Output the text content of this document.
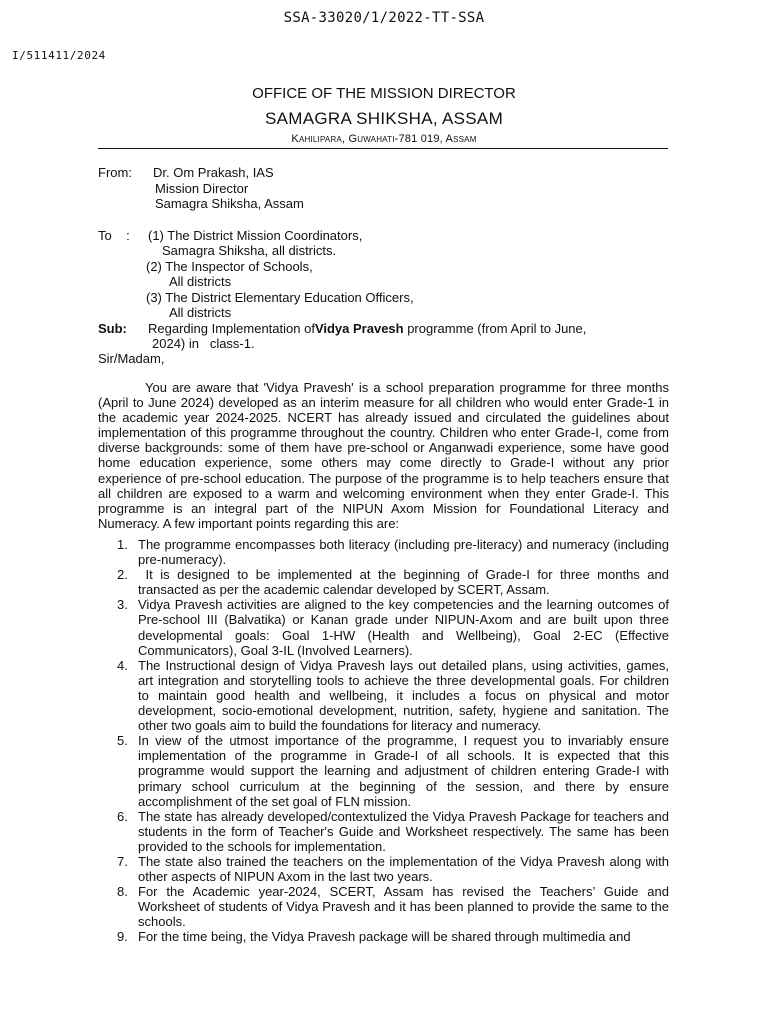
SSA-33020/1/2022-TT-SSA
I/511411/2024
OFFICE OF THE MISSION DIRECTOR
SAMAGRA SHIKSHA, ASSAM
Kahilipara, Guwahati-781 019, Assam
From: Dr. Om Prakash, IAS
Mission Director
Samagra Shiksha, Assam
To    : (1) The District Mission Coordinators,
Samagra Shiksha, all districts.
(2) The Inspector of Schools,
All districts
(3) The District Elementary Education Officers,
All districts
Sub: Regarding Implementation ofVidya Pravesh programme (from April to June,
2024) in   class-1.
Sir/Madam,

You are aware that 'Vidya Pravesh' is a school preparation programme for three months (April to June 2024) developed as an interim measure for all children who would enter Grade-1 in the academic year 2024-2025. NCERT has already issued and circulated the guidelines about implementation of this programme throughout the country. Children who enter Grade-I, come from diverse backgrounds: some of them have pre-school or Anganwadi experience, some have good home education experience, some others may come directly to Grade-I without any prior experience of pre-school education. The purpose of the programme is to help teachers ensure that all children are exposed to a warm and welcoming environment when they enter Grade-I. This programme is an integral part of the NIPUN Axom Mission for Foundational Literacy and Numeracy. A few important points regarding this are:

1. The programme encompasses both literacy (including pre-literacy) and numeracy (including pre-numeracy).
2. It is designed to be implemented at the beginning of Grade-I for three months and transacted as per the academic calendar developed by SCERT, Assam.
3. Vidya Pravesh activities are aligned to the key competencies and the learning outcomes of Pre-school III (Balvatika) or Kanan grade under NIPUN-Axom and are built upon three developmental goals: Goal 1-HW (Health and Wellbeing), Goal 2-EC (Effective Communicators), Goal 3-IL (Involved Learners).
4. The Instructional design of Vidya Pravesh lays out detailed plans, using activities, games, art integration and storytelling tools to achieve the three developmental goals. For children to maintain good health and wellbeing, it includes a focus on physical and motor development, socio-emotional development, nutrition, safety, hygiene and sanitation. The other two goals aim to build the foundations for literacy and numeracy.
5. In view of the utmost importance of the programme, I request you to invariably ensure implementation of the programme in Grade-I of all schools. It is expected that this programme would support the learning and adjustment of children entering Grade-I with primary school curriculum at the beginning of the session, and there by ensure accomplishment of the set goal of FLN mission.
6. The state has already developed/contextulized the Vidya Pravesh Package for teachers and students in the form of Teacher's Guide and Worksheet respectively. The same has been provided to the schools for implementation.
7. The state also trained the teachers on the implementation of the Vidya Pravesh along with other aspects of NIPUN Axom in the last two years.
8. For the Academic year-2024, SCERT, Assam has revised the Teachers’ Guide and Worksheet of students of Vidya Pravesh and it has been planned to provide the same to the schools.
9. For the time being, the Vidya Pravesh package will be shared through multimedia and
